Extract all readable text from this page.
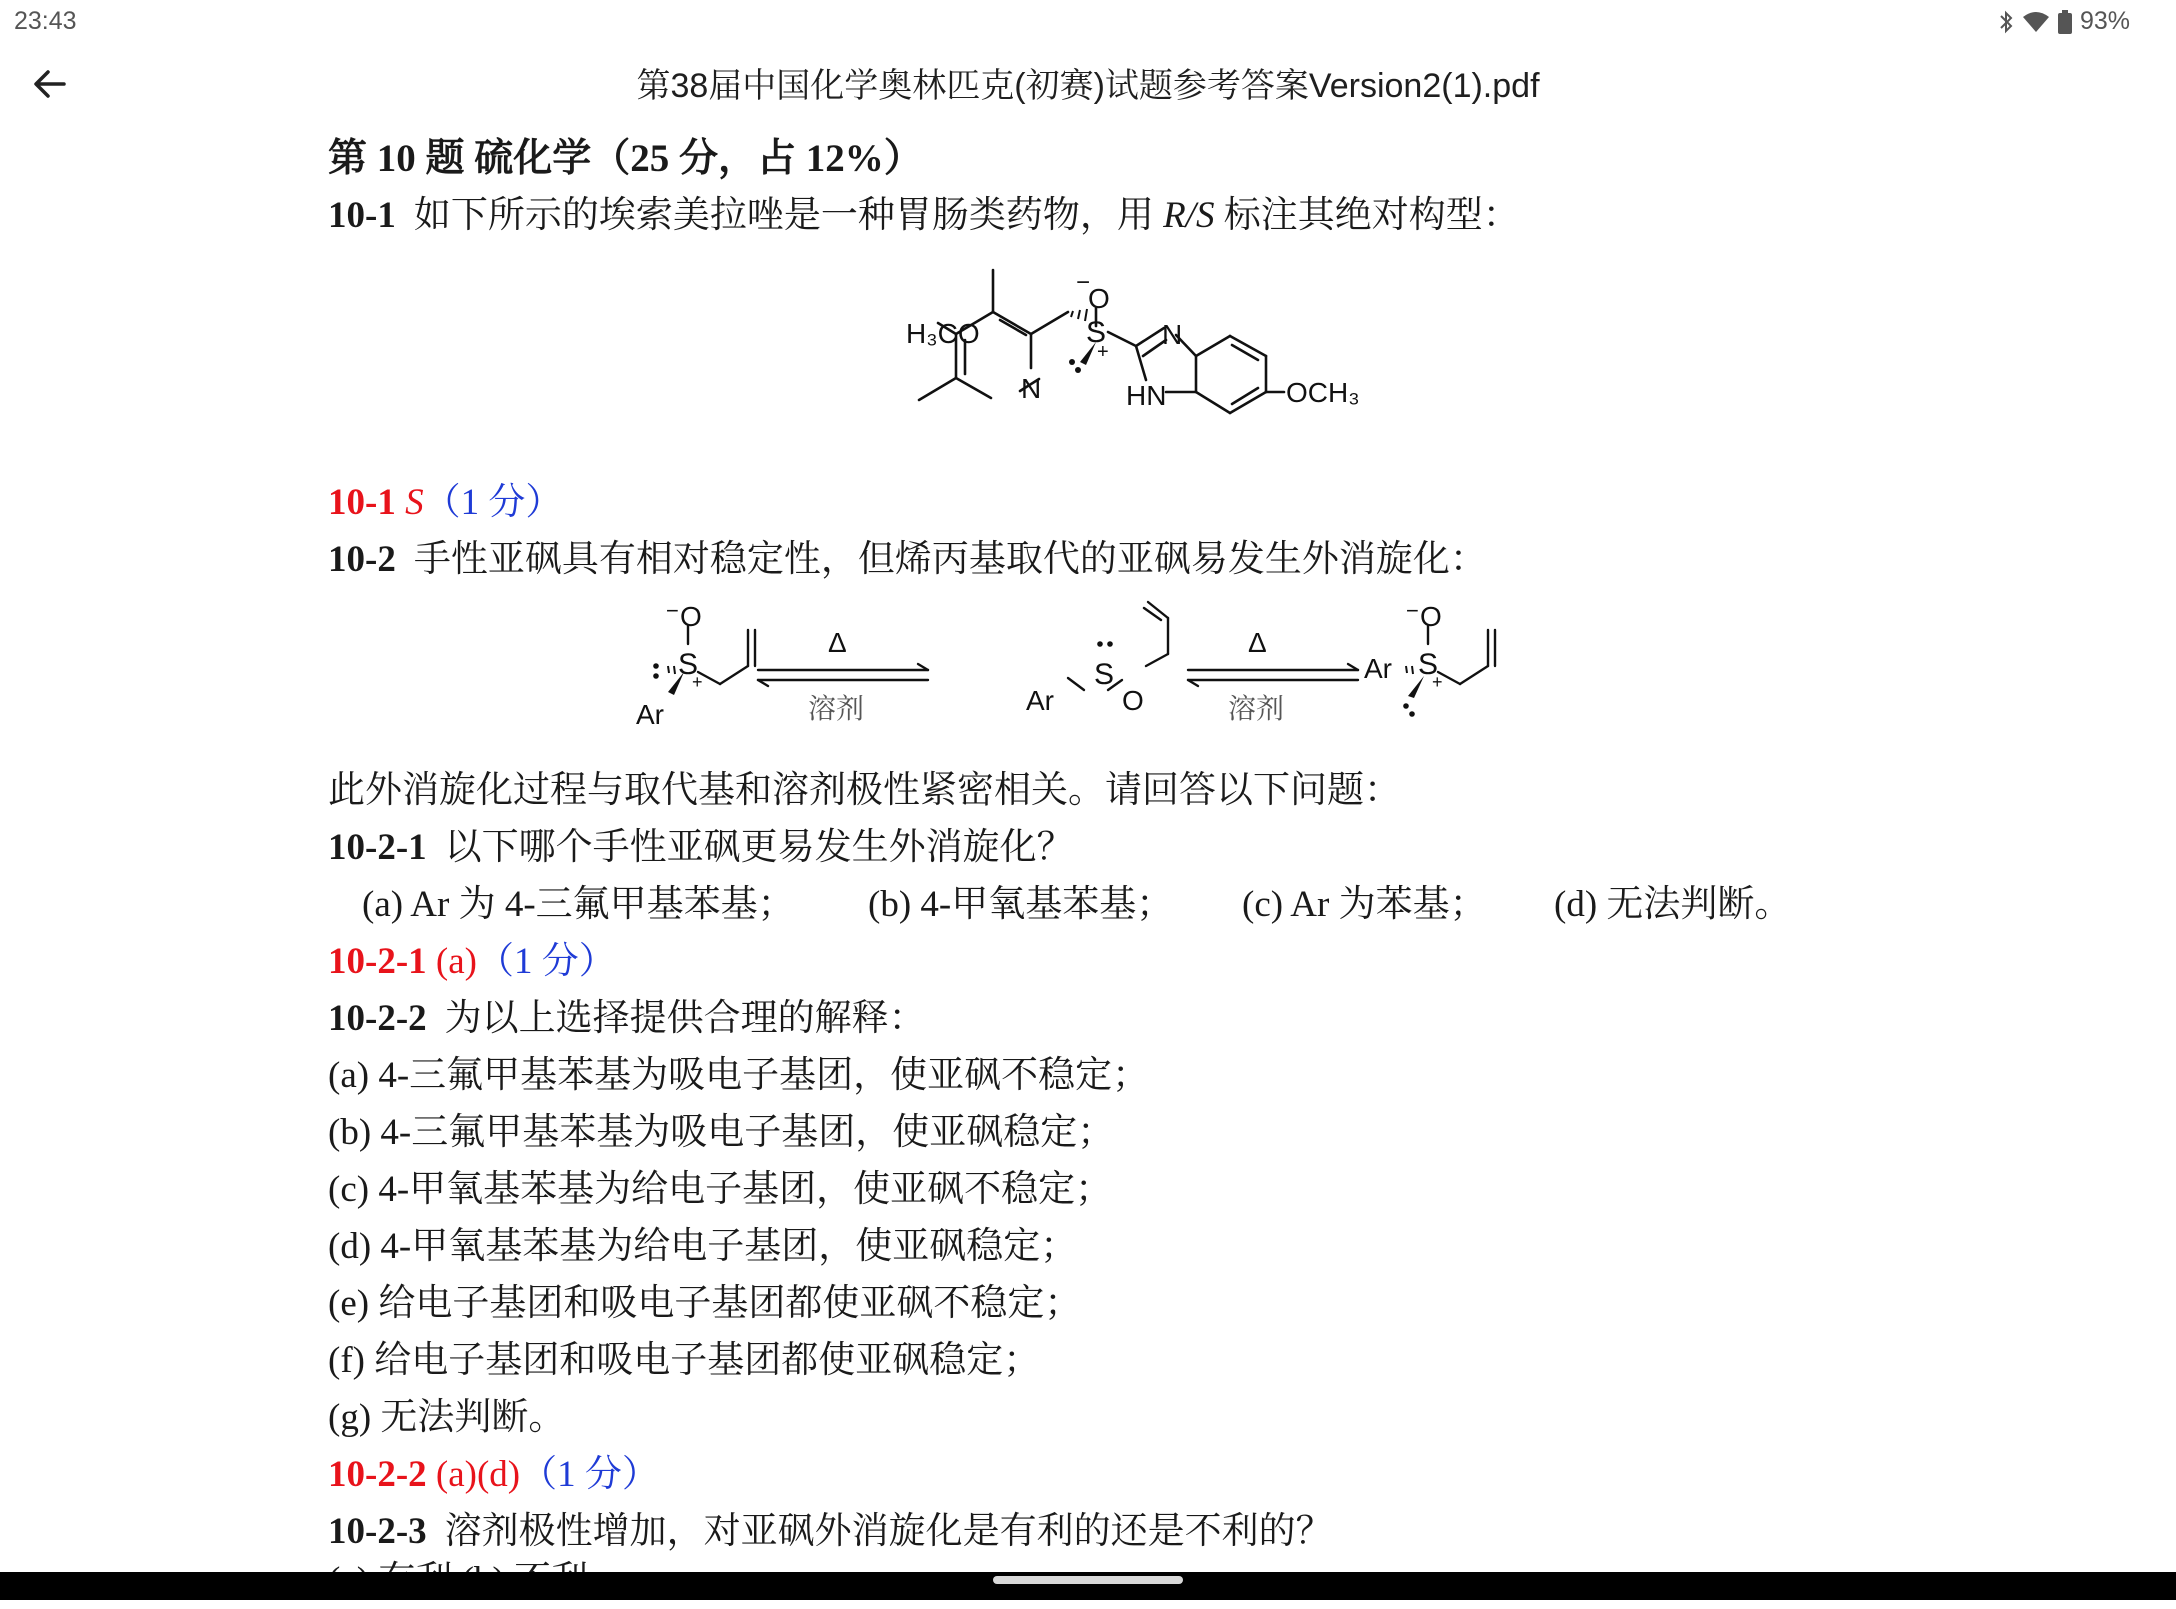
23:43	93%
第38届中国化学奥林匹克(初赛)试题参考答案Version2(1).pdf
第 10 题 硫化学（25 分，占 12%）
10-1 如下所示的埃索美拉唑是一种胃肠类药物，用 R/S 标注其绝对构型：
H₃CO
N
S
O
−
+
N
HN	OCH₃
10-1 S（1 分）
10-2 手性亚砜具有相对稳定性，但烯丙基取代的亚砜易发生外消旋化：
O
−
S
+
Ar
Δ
溶剂	Ar
S
O
Δ
溶剂
O
−
S
+
Ar
此外消旋化过程与取代基和溶剂极性紧密相关。请回答以下问题：
10-2-1 以下哪个手性亚砜更易发生外消旋化？
(a) Ar 为 4-三氟甲基苯基； (b) 4-甲氧基苯基； (c) Ar 为苯基； (d) 无法判断。
10-2-1 (a)（1 分）
10-2-2 为以上选择提供合理的解释：
(a) 4-三氟甲基苯基为吸电子基团，使亚砜不稳定；
(b) 4-三氟甲基苯基为吸电子基团，使亚砜稳定；
(c) 4-甲氧基苯基为给电子基团，使亚砜不稳定；
(d) 4-甲氧基苯基为给电子基团，使亚砜稳定；
(e) 给电子基团和吸电子基团都使亚砜不稳定；
(f) 给电子基团和吸电子基团都使亚砜稳定；
(g) 无法判断。
10-2-2 (a)(d)（1 分）
10-2-3 溶剂极性增加，对亚砜外消旋化是有利的还是不利的？
